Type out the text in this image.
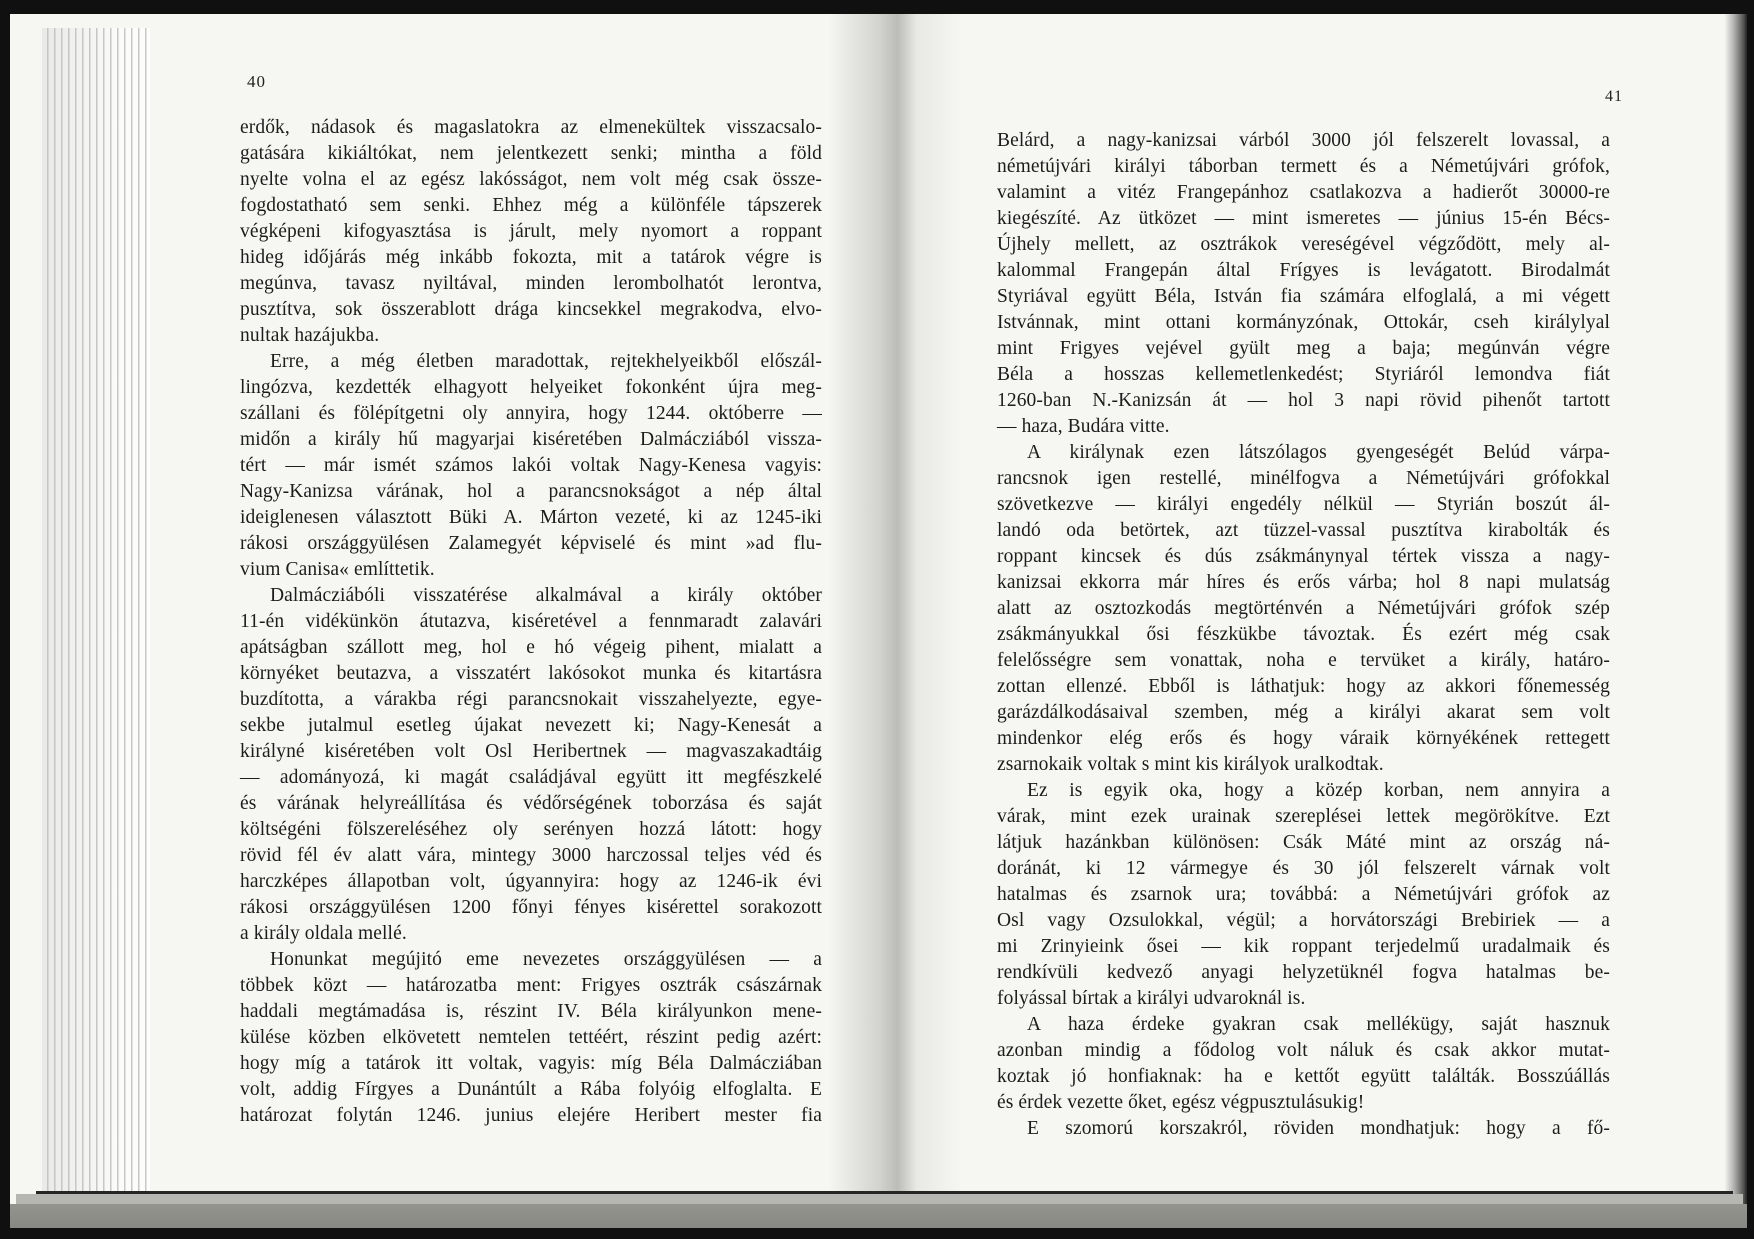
40

erdők, nádasok és magaslatokra az elmenekültek visszacsalo-
gatására kikiáltókat, nem jelentkezett senki; mintha a föld
nyelte volna el az egész lakósságot, nem volt még csak össze-
fogdostatható sem senki. Ehhez még a különféle tápszerek
végképeni kifogyasztása is járult, mely nyomort a roppant
hideg időjárás még inkább fokozta, mit a tatárok végre is
megúnva, tavasz nyiltával, minden lerombolhatót lerontva,
pusztítva, sok összerablott drága kincsekkel megrakodva, elvo-
nultak hazájukba.

Erre, a még életben maradottak, rejtekhelyeikből előszál-
lingózva, kezdették elhagyott helyeiket fokonként újra meg-
szállani és fölépítgetni oly annyira, hogy 1244. októberre —
midőn a király hű magyarjai kiséretében Dalmácziából vissza-
tért — már ismét számos lakói voltak Nagy-Kenesa vagyis:
Nagy-Kanizsa várának, hol a parancsnokságot a nép által
ideiglenesen választott Büki A. Márton vezeté, ki az 1245-iki
rákosi országgyülésen Zalamegyét képviselé és mint »ad flu-
vium Canisa« említtetik.

Dalmácziábóli visszatérése alkalmával a király október
11-én vidékünkön átutazva, kiséretével a fennmaradt zalavári
apátságban szállott meg, hol e hó végeig pihent, mialatt a
környéket beutazva, a visszatért lakósokot munka és kitartásra
buzdította, a várakba régi parancsnokait visszahelyezte, egye-
sekbe jutalmul esetleg újakat nevezett ki; Nagy-Kenesát a
királyné kiséretében volt Osl Heribertnek — magvaszakadtáig
— adományozá, ki magát családjával együtt itt megfészkelé
és várának helyreállítása és védőrségének toborzása és saját
költségéni fölszereléséhez oly serényen hozzá látott: hogy
rövid fél év alatt vára, mintegy 3000 harczossal teljes véd és
harczképes állapotban volt, úgyannyira: hogy az 1246-ik évi
rákosi országgyülésen 1200 főnyi fényes kisérettel sorakozott
a király oldala mellé.

Honunkat megújitó eme nevezetes országgyülésen — a
többek közt — határozatba ment: Frigyes osztrák császárnak
haddali megtámadása is, részint IV. Béla királyunkon mene-
külése közben elkövetett nemtelen tettéért, részint pedig azért:
hogy míg a tatárok itt voltak, vagyis: míg Béla Dalmácziában
volt, addig Fírgyes a Dunántúlt a Rába folyóig elfoglalta. E
határozat folytán 1246. junius elejére Heribert mester fia

41

Belárd, a nagy-kanizsai várból 3000 jól felszerelt lovassal, a
németújvári királyi táborban termett és a Németújvári grófok,
valamint a vitéz Frangepánhoz csatlakozva a hadierőt 30000-re
kiegészíté. Az ütközet — mint ismeretes — június 15-én Bécs-
Újhely mellett, az osztrákok vereségével végződött, mely al-
kalommal Frangepán által Frígyes is levágatott. Birodalmát
Styriával együtt Béla, István fia számára elfoglalá, a mi végett
Istvánnak, mint ottani kormányzónak, Ottokár, cseh királylyal
mint Frigyes vejével gyült meg a baja; megúnván végre
Béla a hosszas kellemetlenkedést; Styriáról lemondva fiát
1260-ban N.-Kanizsán át — hol 3 napi rövid pihenőt tartott
— haza, Budára vitte.

A királynak ezen látszólagos gyengeségét Belúd várpa-
rancsnok igen restellé, minélfogva a Németújvári grófokkal
szövetkezve — királyi engedély nélkül — Styrián boszút ál-
landó oda betörtek, azt tüzzel-vassal pusztítva kirabolták és
roppant kincsek és dús zsákmánynyal tértek vissza a nagy-
kanizsai ekkorra már híres és erős várba; hol 8 napi mulatság
alatt az osztozkodás megtörténvén a Németújvári grófok szép
zsákmányukkal ősi fészkükbe távoztak. És ezért még csak
felelősségre sem vonattak, noha e tervüket a király, határo-
zottan ellenzé. Ebből is láthatjuk: hogy az akkori főnemesség
garázdálkodásaival szemben, még a királyi akarat sem volt
mindenkor elég erős és hogy váraik környékének rettegett
zsarnokaik voltak s mint kis királyok uralkodtak.

Ez is egyik oka, hogy a közép korban, nem annyira a
várak, mint ezek urainak szereplései lettek megörökítve. Ezt
látjuk hazánkban különösen: Csák Máté mint az ország ná-
doránát, ki 12 vármegye és 30 jól felszerelt várnak volt
hatalmas és zsarnok ura; továbbá: a Németújvári grófok az
Osl vagy Ozsulokkal, végül; a horvátországi Brebiriek — a
mi Zrinyieink ősei — kik roppant terjedelmű uradalmaik és
rendkívüli kedvező anyagi helyzetüknél fogva hatalmas be-
folyással bírtak a királyi udvaroknál is.

A haza érdeke gyakran csak mellékügy, saját hasznuk
azonban mindig a fődolog volt náluk és csak akkor mutat-
koztak jó honfiaknak: ha e kettőt együtt találták. Bosszúállás
és érdek vezette őket, egész végpusztulásukig!

E szomorú korszakról, röviden mondhatjuk: hogy a fő-
